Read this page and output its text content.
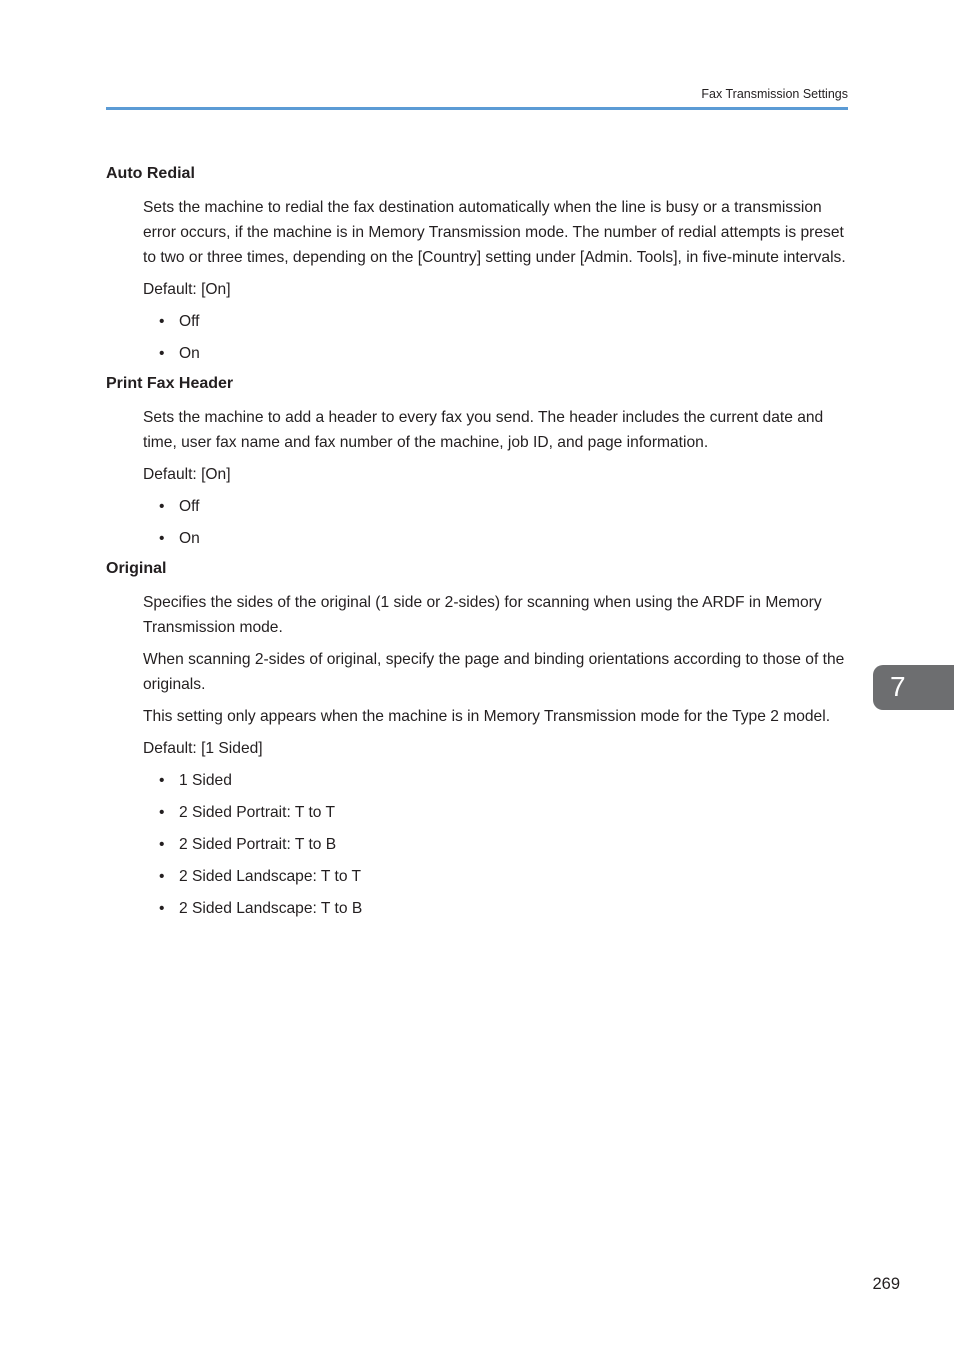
Fax Transmission Settings
Auto Redial

Sets the machine to redial the fax destination automatically when the line is busy or a transmission error occurs, if the machine is in Memory Transmission mode. The number of redial attempts is preset to two or three times, depending on the [Country] setting under [Admin. Tools], in five-minute intervals.

Default: [On]

• Off
• On
Print Fax Header

Sets the machine to add a header to every fax you send. The header includes the current date and time, user fax name and fax number of the machine, job ID, and page information.

Default: [On]

• Off
• On
Original

Specifies the sides of the original (1 side or 2-sides) for scanning when using the ARDF in Memory Transmission mode.

When scanning 2-sides of original, specify the page and binding orientations according to those of the originals.

This setting only appears when the machine is in Memory Transmission mode for the Type 2 model.

Default: [1 Sided]

• 1 Sided
• 2 Sided Portrait: T to T
• 2 Sided Portrait: T to B
• 2 Sided Landscape: T to T
• 2 Sided Landscape: T to B
7
269
